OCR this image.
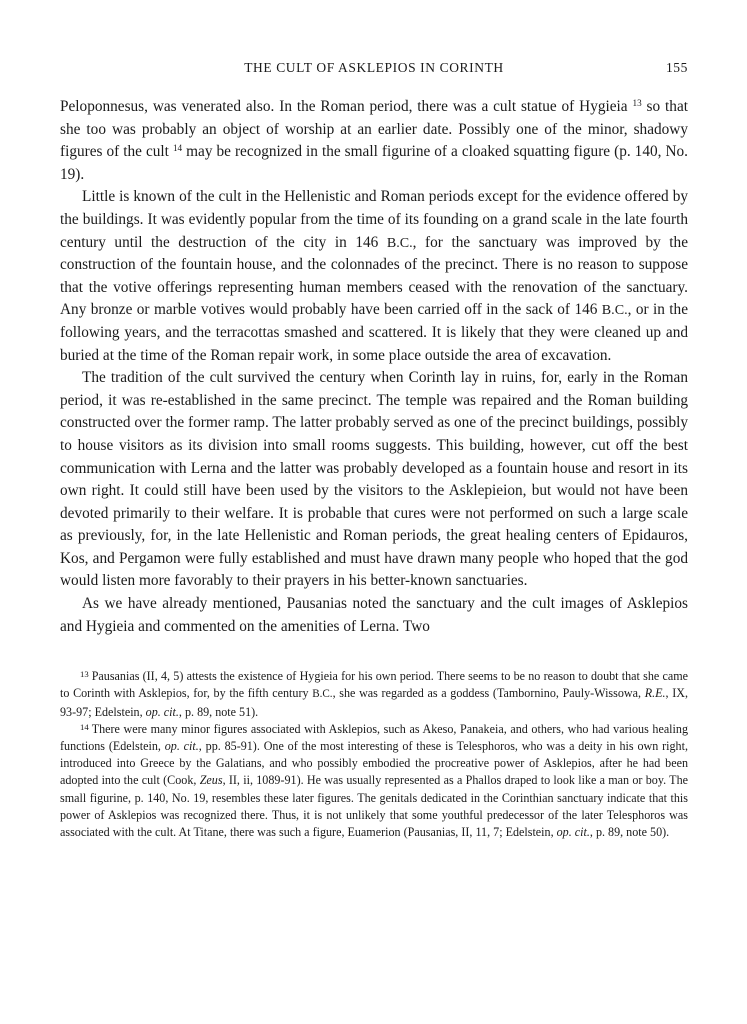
THE CULT OF ASKLEPIOS IN CORINTH	155

Peloponnesus, was venerated also. In the Roman period, there was a cult statue of Hygieia $^{13}$ so that she too was probably an object of worship at an earlier date. Possibly one of the minor, shadowy figures of the cult $^{14}$ may be recognized in the small figurine of a cloaked squatting figure (p. 140, No. 19).

Little is known of the cult in the Hellenistic and Roman periods except for the evidence offered by the buildings. It was evidently popular from the time of its founding on a grand scale in the late fourth century until the destruction of the city in 146 B.C., for the sanctuary was improved by the construction of the fountain house, and the colonnades of the precinct. There is no reason to suppose that the votive offerings representing human members ceased with the renovation of the sanctuary. Any bronze or marble votives would probably have been carried off in the sack of 146 B.C., or in the following years, and the terracottas smashed and scattered. It is likely that they were cleaned up and buried at the time of the Roman repair work, in some place outside the area of excavation.

The tradition of the cult survived the century when Corinth lay in ruins, for, early in the Roman period, it was re-established in the same precinct. The temple was repaired and the Roman building constructed over the former ramp. The latter probably served as one of the precinct buildings, possibly to house visitors as its division into small rooms suggests. This building, however, cut off the best communication with Lerna and the latter was probably developed as a fountain house and resort in its own right. It could still have been used by the visitors to the Asklepieion, but would not have been devoted primarily to their welfare. It is probable that cures were not performed on such a large scale as previously, for, in the late Hellenistic and Roman periods, the great healing centers of Epidauros, Kos, and Pergamon were fully established and must have drawn many people who hoped that the god would listen more favorably to their prayers in his better-known sanctuaries.

As we have already mentioned, Pausanias noted the sanctuary and the cult images of Asklepios and Hygieia and commented on the amenities of Lerna. Two

$^{13}$ Pausanias (II, 4, 5) attests the existence of Hygieia for his own period. There seems to be no reason to doubt that she came to Corinth with Asklepios, for, by the fifth century B.C., she was regarded as a goddess (Tambornino, Pauly-Wissowa, R.E., IX, 93-97; Edelstein, op. cit., p. 89, note 51).

$^{14}$ There were many minor figures associated with Asklepios, such as Akeso, Panakeia, and others, who had various healing functions (Edelstein, op. cit., pp. 85-91). One of the most interesting of these is Telesphoros, who was a deity in his own right, introduced into Greece by the Galatians, and who possibly embodied the procreative power of Asklepios, after he had been adopted into the cult (Cook, Zeus, II, ii, 1089-91). He was usually represented as a Phallos draped to look like a man or boy. The small figurine, p. 140, No. 19, resembles these later figures. The genitals dedicated in the Corinthian sanctuary indicate that this power of Asklepios was recognized there. Thus, it is not unlikely that some youthful predecessor of the later Telesphoros was associated with the cult. At Titane, there was such a figure, Euamerion (Pausanias, II, 11, 7; Edelstein, op. cit., p. 89, note 50).
